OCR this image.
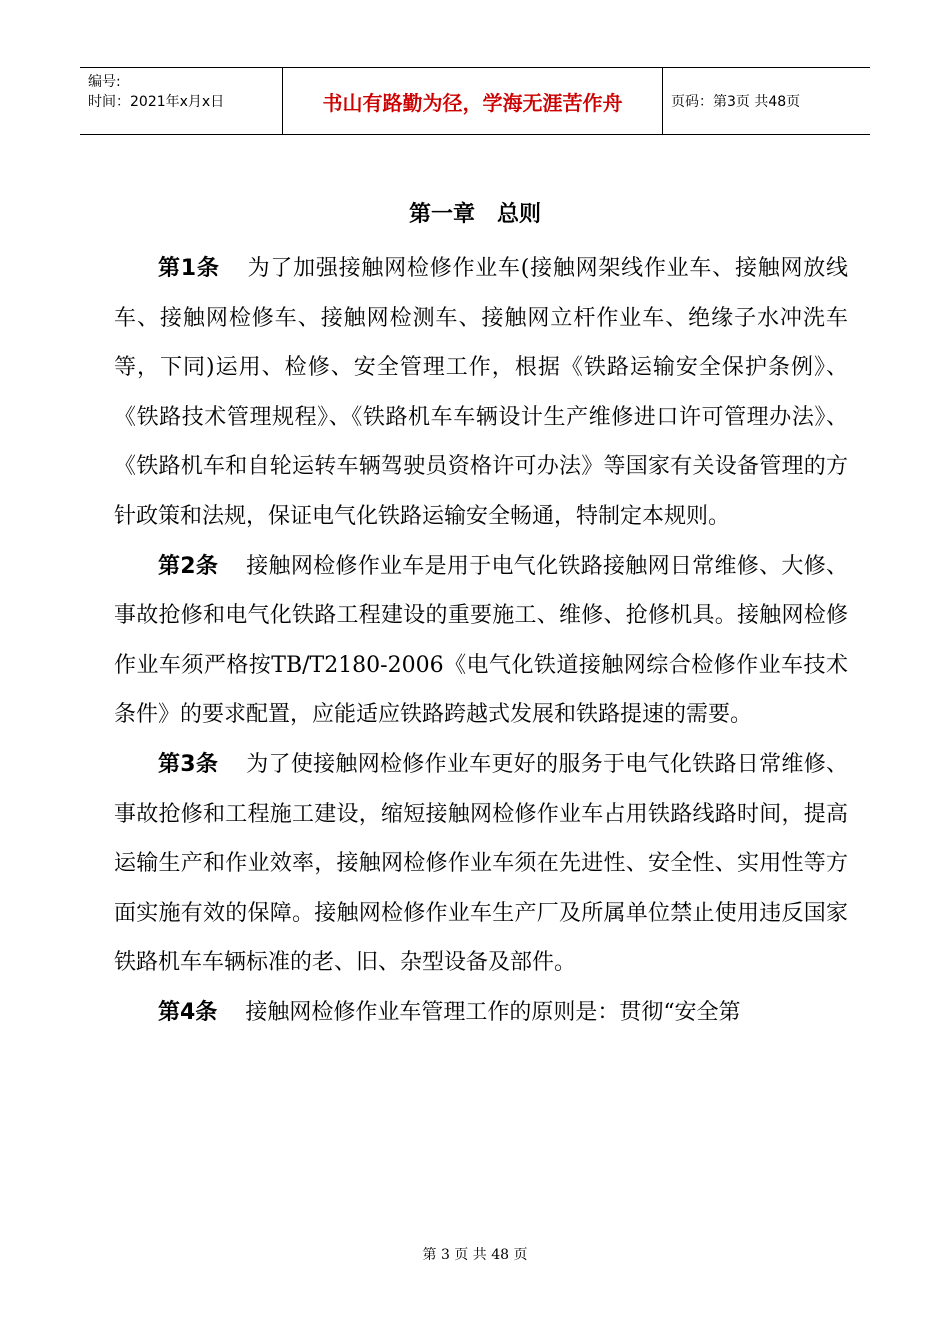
编号:
时间：2021年x月x日	书山有路勤为径，学海无涯苦作舟	页码：第3页 共48页
第一章　总则

第1条 为了加强接触网检修作业车(接触网架线作业车、接触网放线车、接触网检修车、接触网检测车、接触网立杆作业车、绝缘子水冲洗车等，下同)运用、检修、安全管理工作，根据《铁路运输安全保护条例》、《铁路技术管理规程》、《铁路机车车辆设计生产维修进口许可管理办法》、《铁路机车和自轮运转车辆驾驶员资格许可办法》等国家有关设备管理的方针政策和法规，保证电气化铁路运输安全畅通，特制定本规则。

第2条 接触网检修作业车是用于电气化铁路接触网日常维修、大修、事故抢修和电气化铁路工程建设的重要施工、维修、抢修机具。接触网检修作业车须严格按TB/T2180-2006《电气化铁道接触网综合检修作业车技术条件》的要求配置，应能适应铁路跨越式发展和铁路提速的需要。

第3条 为了使接触网检修作业车更好的服务于电气化铁路日常维修、事故抢修和工程施工建设，缩短接触网检修作业车占用铁路线路时间，提高运输生产和作业效率，接触网检修作业车须在先进性、安全性、实用性等方面实施有效的保障。接触网检修作业车生产厂及所属单位禁止使用违反国家铁路机车车辆标准的老、旧、杂型设备及部件。

第4条 接触网检修作业车管理工作的原则是：贯彻“安全第

第 3 页 共 48 页
